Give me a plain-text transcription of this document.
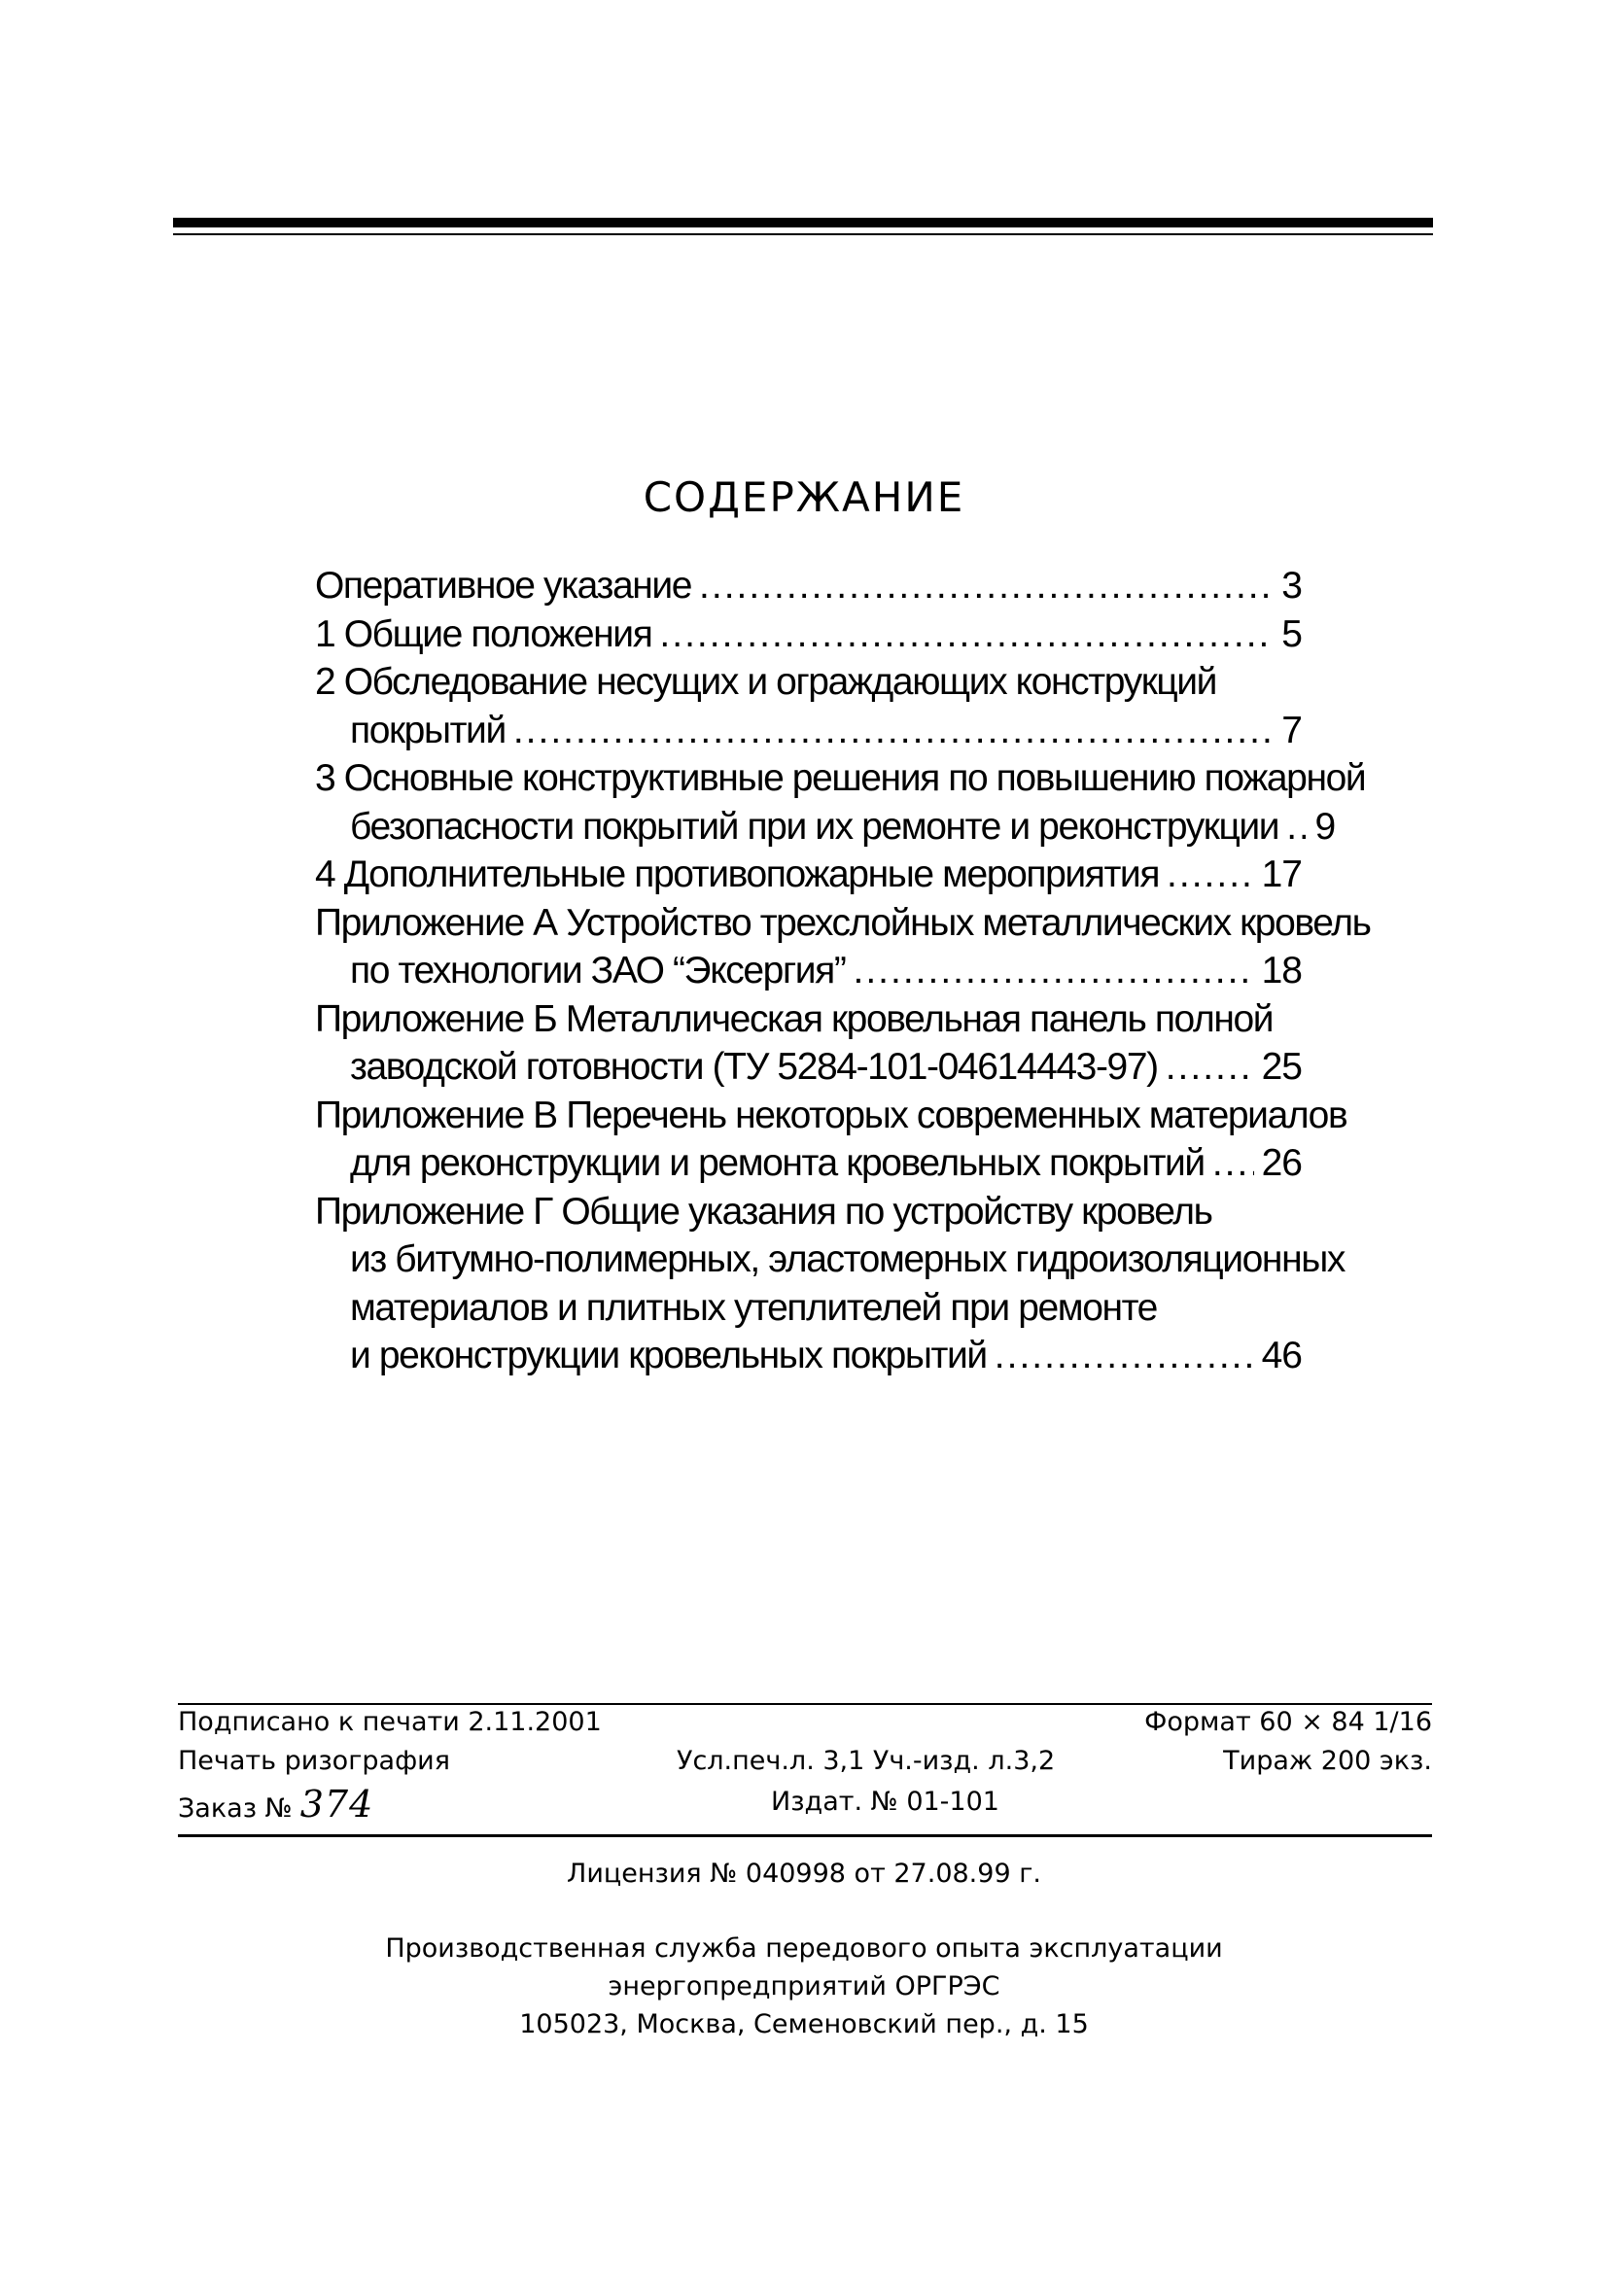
СОДЕРЖАНИЕ
Оперативное указание .....	3
1 Общие положения .....	5
2 Обследование несущих и ограждающих конструкций
покрытий .....	7
3 Основные конструктивные решения по повышению пожарной
безопасности покрытий при их ремонте и реконструкции ..... 9
4 Дополнительные противопожарные мероприятия .....	17
Приложение А Устройство трехслойных металлических кровель
по технологии ЗАО “Эксергия” .....	18
Приложение Б Металлическая кровельная панель полной
заводской готовности (ТУ 5284-101-04614443-97) .....	25
Приложение В Перечень некоторых современных материалов
для реконструкции и ремонта кровельных покрытий ..... 26
Приложение Г Общие указания по устройству кровель
из битумно-полимерных, эластомерных гидроизоляционных
материалов и плитных утеплителей при ремонте
и реконструкции кровельных покрытий .....	46
Подписано к печати 2.11.2001	Формат 60 × 84 1/16
Печать ризография	Усл.печ.л. 3,1 Уч.-изд. л.3,2	Тираж 200 экз.
Заказ № 374	Издат. № 01-101
Лицензия № 040998 от 27.08.99 г.
Производственная служба передового опыта эксплуатации
энергопредприятий ОРГРЭС
105023, Москва, Семеновский пер., д. 15
